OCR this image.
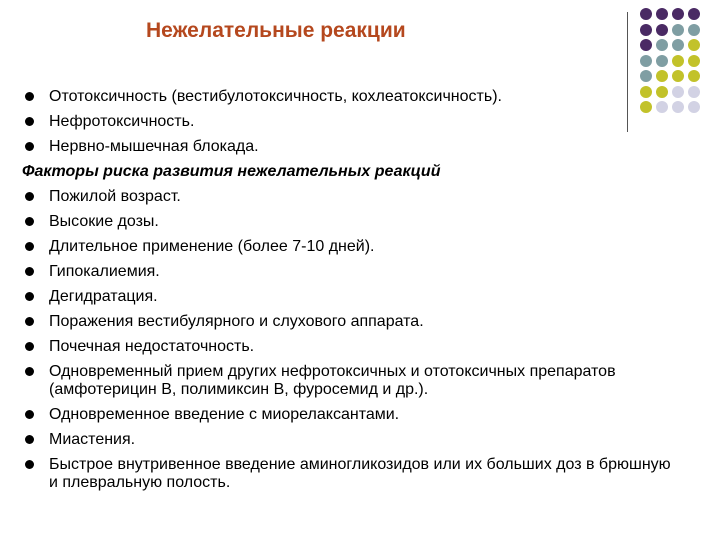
Нежелательные реакции
Ототоксичность (вестибулотоксичность, кохлеатоксичность).
Нефротоксичность.
Нервно-мышечная блокада.
Факторы риска развития нежелательных реакций
Пожилой возраст.
Высокие дозы.
Длительное применение (более 7-10 дней).
Гипокалиемия.
Дегидратация.
Поражения вестибулярного и слухового аппарата.
Почечная недостаточность.
Одновременный прием других нефротоксичных и ототоксичных препаратов (амфотерицин В, полимиксин В, фуросемид и др.).
Одновременное введение с миорелаксантами.
Миастения.
Быстрое внутривенное введение аминогликозидов или их больших доз в брюшную и плевральную полость.
